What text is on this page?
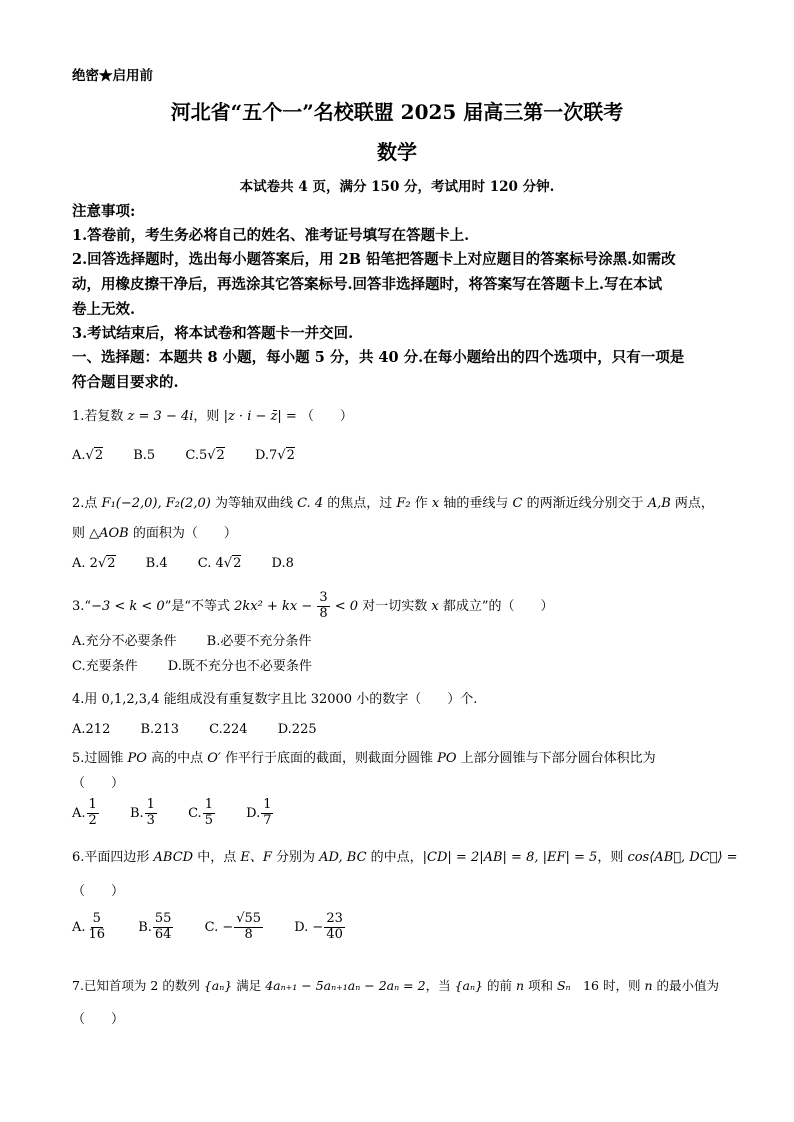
绝密★启用前
河北省“五个一”名校联盟 2025 届高三第一次联考
数学
本试卷共 4 页，满分 150 分，考试用时 120 分钟.
注意事项:
1.答卷前，考生务必将自己的姓名、准考证号填写在答题卡上.
2.回答选择题时，选出每小题答案后，用 2B 铅笔把答题卡上对应题目的答案标号涂黑.如需改
动，用橡皮擦干净后，再选涂其它答案标号.回答非选择题时，将答案写在答题卡上.写在本试
卷上无效.
3.考试结束后，将本试卷和答题卡一并交回.
一、选择题：本题共 8 小题，每小题 5 分，共 40 分.在每小题给出的四个选项中，只有一项是
符合题目要求的.
1.若复数 z = 3 − 4i，则 |z · i − z̄| = （　　）
A.√2 B.5 C.5√2 D.7√2
2.点 F₁(−2,0), F₂(2,0) 为等轴双曲线 C. 4 的焦点，过 F₂ 作 x 轴的垂线与 C 的两渐近线分别交于 A,B 两点，
则 △AOB 的面积为（　　）
A. 2√2 B.4 C. 4√2 D.8
3.“−3 < k < 0”是“不等式 2kx² + kx − $\frac{3}{8} < 0$ 对一切实数 x 都成立”的（　　）
A.充分不必要条件 B.必要不充分条件
C.充要条件 D.既不充分也不必要条件
4.用 0,1,2,3,4 能组成没有重复数字且比 32000 小的数字（　　）个.
A.212 B.213 C.224 D.225
5.过圆锥 PO 高的中点 O′ 作平行于底面的截面，则截面分圆锥 PO 上部分圆锥与下部分圆台体积比为
（　　）
A. $\frac{1}{2} B$. $\frac{1}{3} C$. $\frac{1}{5} D$. $\frac{1}{7}$
6.平面四边形 ABCD 中，点 E、F 分别为 AD, BC 的中点，|CD| = 2|AB| = 8, |EF| = 5，则 cos⟨AB⃗, DC⃗⟩ =
（　　）
A. $\frac{5}{16} B$. $\frac{55}{64} C$. − $\frac{√55}{8} D$. − $\frac{23}{40}$
7.已知首项为 2 的数列 {aₙ} 满足 4aₙ₊₁ − 5aₙ₊₁aₙ − 2aₙ = 2，当 {aₙ} 的前 n 项和 Sₙ　16 时，则 n 的最小值为
（　　）
